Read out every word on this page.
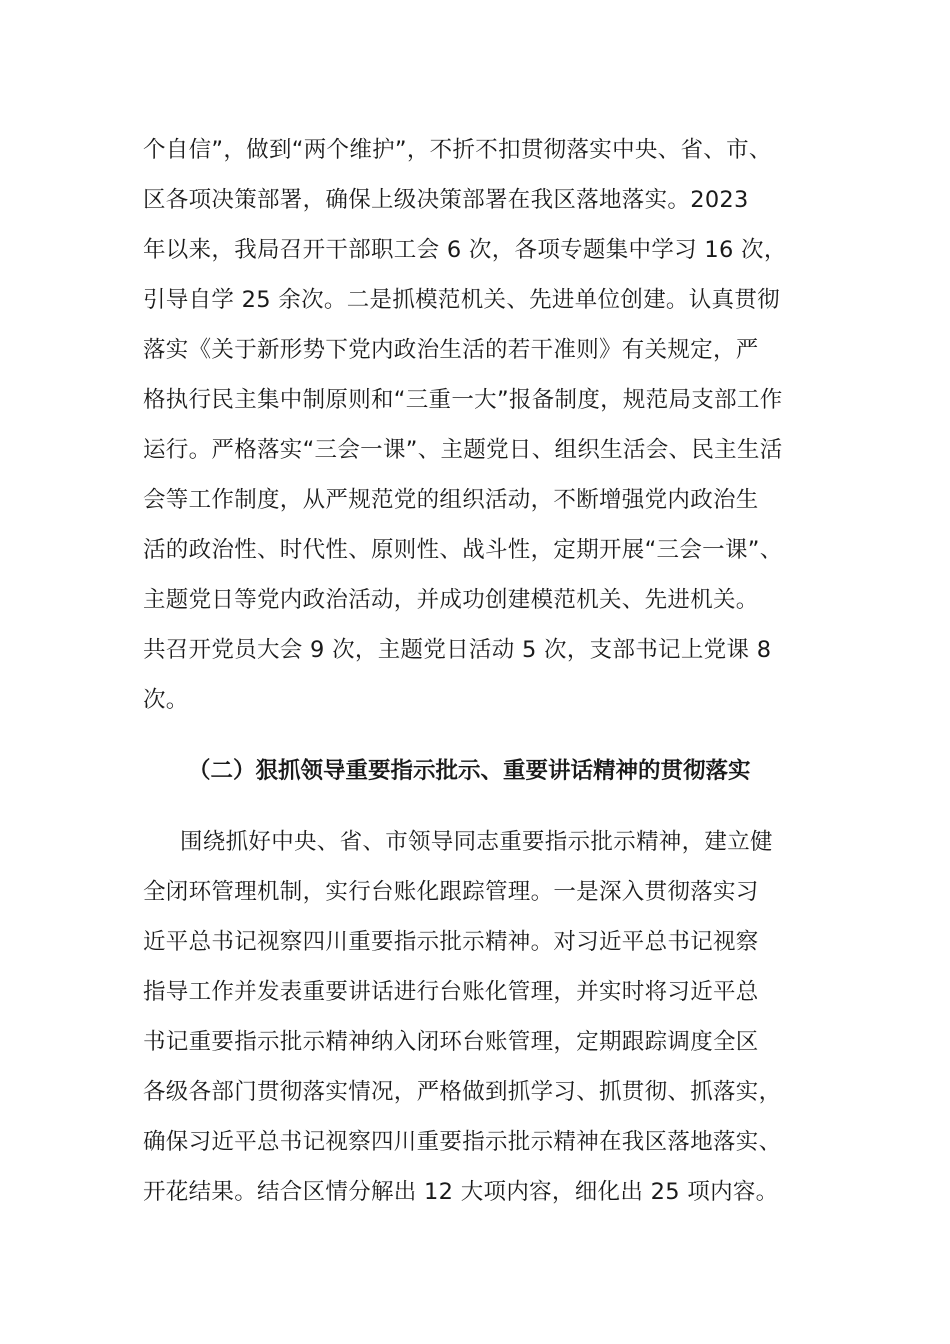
个自信”，做到“两个维护”，不折不扣贯彻落实中央、省、市、
区各项决策部署，确保上级决策部署在我区落地落实。2023
年以来，我局召开干部职工会 6 次，各项专题集中学习 16 次，
引导自学 25 余次。二是抓模范机关、先进单位创建。认真贯彻
落实《关于新形势下党内政治生活的若干准则》有关规定，严
格执行民主集中制原则和“三重一大”报备制度，规范局支部工作
运行。严格落实“三会一课”、主题党日、组织生活会、民主生活
会等工作制度，从严规范党的组织活动，不断增强党内政治生
活的政治性、时代性、原则性、战斗性，定期开展“三会一课”、
主题党日等党内政治活动，并成功创建模范机关、先进机关。
共召开党员大会 9 次，主题党日活动 5 次，支部书记上党课 8
次。
（二）狠抓领导重要指示批示、重要讲话精神的贯彻落实
围绕抓好中央、省、市领导同志重要指示批示精神，建立健
全闭环管理机制，实行台账化跟踪管理。一是深入贯彻落实习
近平总书记视察四川重要指示批示精神。对习近平总书记视察
指导工作并发表重要讲话进行台账化管理，并实时将习近平总
书记重要指示批示精神纳入闭环台账管理，定期跟踪调度全区
各级各部门贯彻落实情况，严格做到抓学习、抓贯彻、抓落实，
确保习近平总书记视察四川重要指示批示精神在我区落地落实、
开花结果。结合区情分解出 12 大项内容，细化出 25 项内容。
